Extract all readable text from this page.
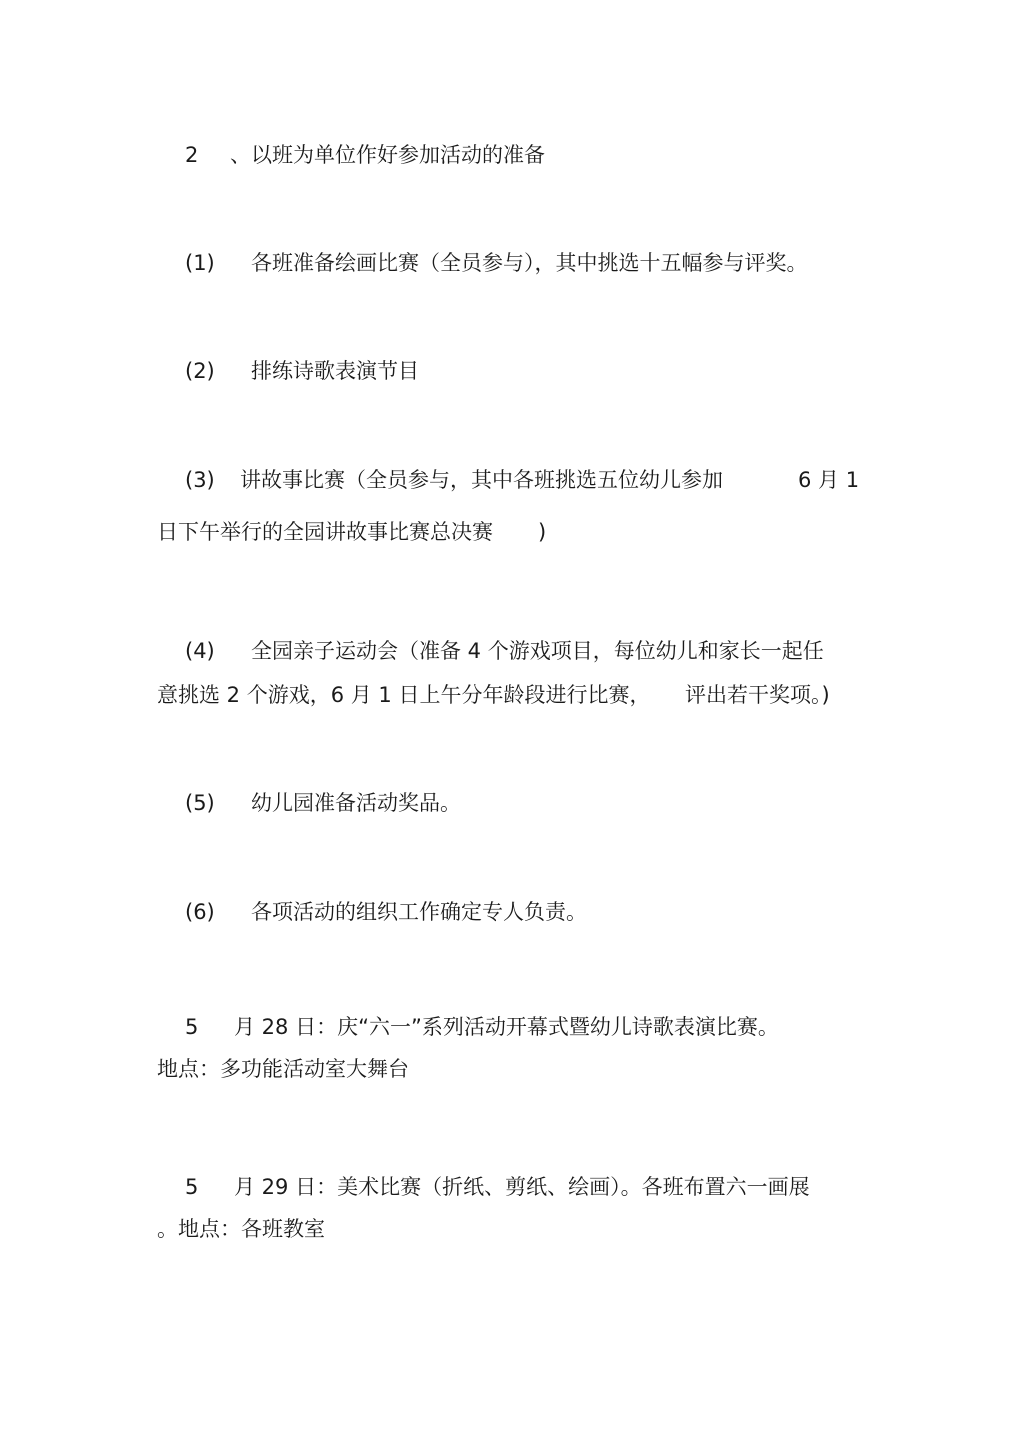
2 、以班为单位作好参加活动的准备
(1) 各班准备绘画比赛（全员参与），其中挑选十五幅参与评奖。
(2) 排练诗歌表演节目
(3) 讲故事比赛（全员参与，其中各班挑选五位幼儿参加	6 月 1
日下午举行的全园讲故事比赛总决赛 )
(4) 全园亲子运动会（准备 4 个游戏项目，每位幼儿和家长一起任
意挑选 2 个游戏，6 月 1 日上午分年龄段进行比赛， 评出若干奖项。)
(5) 幼儿园准备活动奖品。
(6) 各项活动的组织工作确定专人负责。
5 月 28 日：庆“六一”系列活动开幕式暨幼儿诗歌表演比赛。
地点：多功能活动室大舞台
5 月 29 日：美术比赛（折纸、剪纸、绘画）。各班布置六一画展
。地点：各班教室
